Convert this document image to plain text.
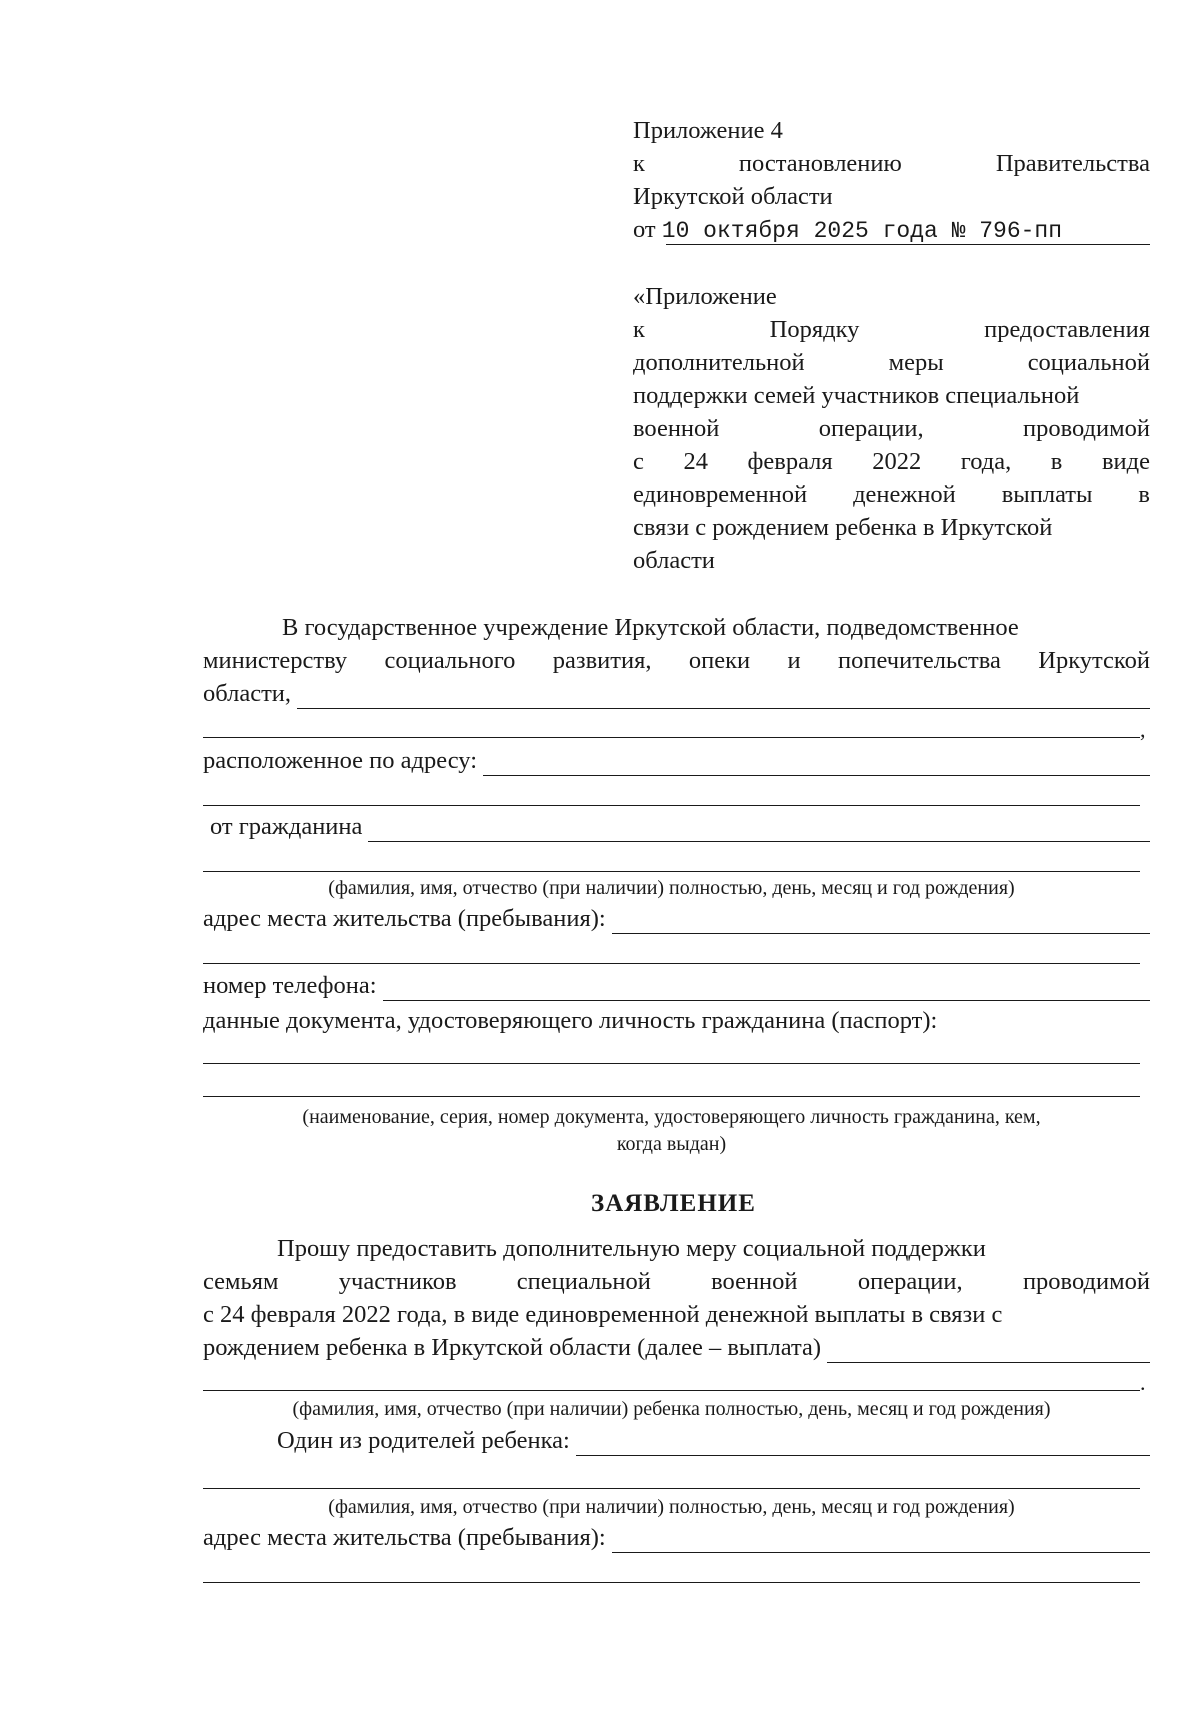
Приложение 4
к	постановлению	Правительства
Иркутской области
от 10 октября 2025 года № 796-пп
«Приложение
к	Порядку	предоставления
дополнительной	меры	социальной
поддержки семей участников специальной
военной	операции,	проводимой
с 24 февраля 2022 года, в виде
единовременной денежной выплаты в
связи с рождением ребенка в Иркутской
области
В государственное учреждение Иркутской области, подведомственное
министерству социального развития, опеки и попечительства Иркутской
области,
,
расположенное по адресу:
от гражданина
(фамилия, имя, отчество (при наличии) полностью, день, месяц и год рождения)
адрес места жительства (пребывания):
номер телефона:
данные документа, удостоверяющего личность гражданина (паспорт):
(наименование, серия, номер документа, удостоверяющего личность гражданина, кем,
когда выдан)
ЗАЯВЛЕНИЕ
Прошу предоставить дополнительную меру социальной поддержки
семьям участников специальной военной операции, проводимой
с 24 февраля 2022 года, в виде единовременной денежной выплаты в связи с
рождением ребенка в Иркутской области (далее – выплата)
.
(фамилия, имя, отчество (при наличии) ребенка полностью, день, месяц и год рождения)
Один из родителей ребенка:
(фамилия, имя, отчество (при наличии) полностью, день, месяц и год рождения)
адрес места жительства (пребывания):
